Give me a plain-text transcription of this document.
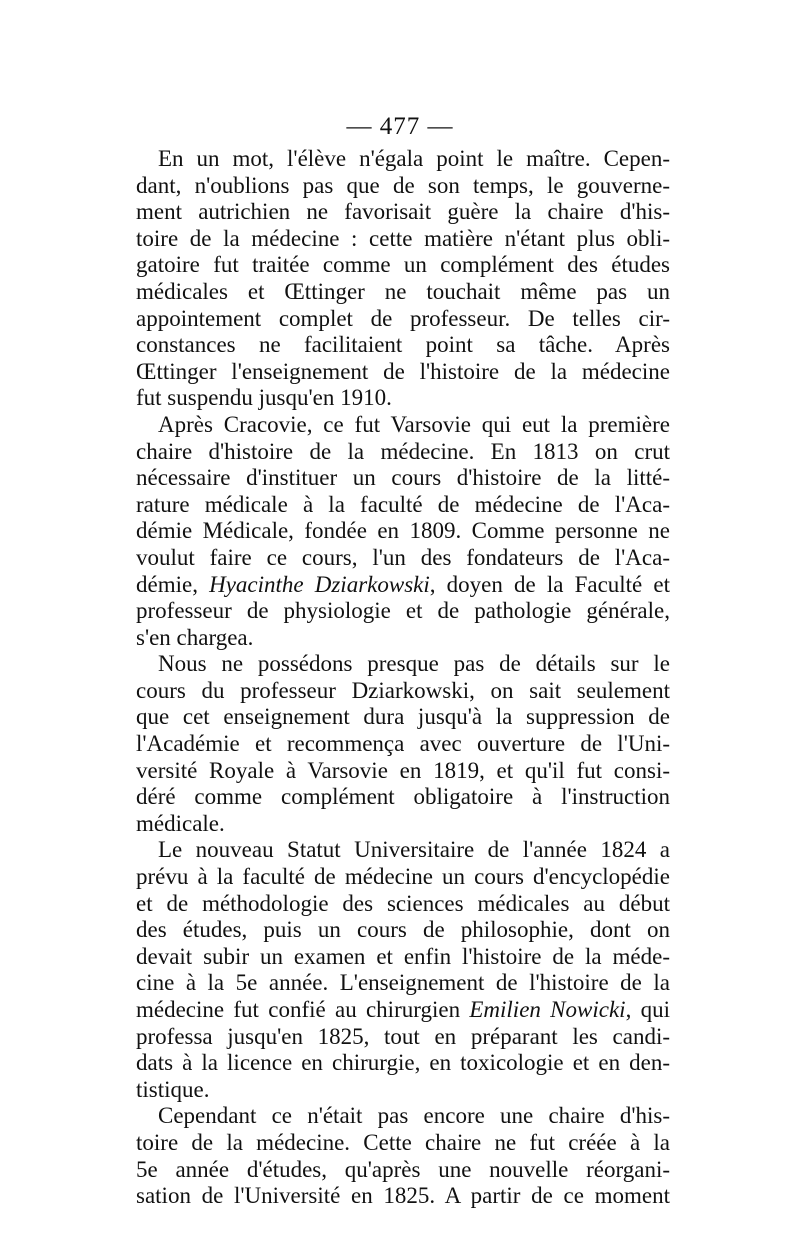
— 477 —
En un mot, l'élève n'égala point le maître. Cepen-
dant, n'oublions pas que de son temps, le gouverne-
ment autrichien ne favorisait guère la chaire d'his-
toire de la médecine : cette matière n'étant plus obli-
gatoire fut traitée comme un complément des études
médicales et Œttinger ne touchait même pas un
appointement complet de professeur. De telles cir-
constances ne facilitaient point sa tâche. Après
Œttinger l'enseignement de l'histoire de la médecine
fut suspendu jusqu'en 1910.
Après Cracovie, ce fut Varsovie qui eut la première
chaire d'histoire de la médecine. En 1813 on crut
nécessaire d'instituer un cours d'histoire de la litté-
rature médicale à la faculté de médecine de l'Aca-
démie Médicale, fondée en 1809. Comme personne ne
voulut faire ce cours, l'un des fondateurs de l'Aca-
démie, Hyacinthe Dziarkowski, doyen de la Faculté et
professeur de physiologie et de pathologie générale,
s'en chargea.
Nous ne possédons presque pas de détails sur le
cours du professeur Dziarkowski, on sait seulement
que cet enseignement dura jusqu'à la suppression de
l'Académie et recommença avec ouverture de l'Uni-
versité Royale à Varsovie en 1819, et qu'il fut consi-
déré comme complément obligatoire à l'instruction
médicale.
Le nouveau Statut Universitaire de l'année 1824 a
prévu à la faculté de médecine un cours d'encyclopédie
et de méthodologie des sciences médicales au début
des études, puis un cours de philosophie, dont on
devait subir un examen et enfin l'histoire de la méde-
cine à la 5e année. L'enseignement de l'histoire de la
médecine fut confié au chirurgien Emilien Nowicki, qui
professa jusqu'en 1825, tout en préparant les candi-
dats à la licence en chirurgie, en toxicologie et en den-
tistique.
Cependant ce n'était pas encore une chaire d'his-
toire de la médecine. Cette chaire ne fut créée à la
5e année d'études, qu'après une nouvelle réorgani-
sation de l'Université en 1825. A partir de ce moment
